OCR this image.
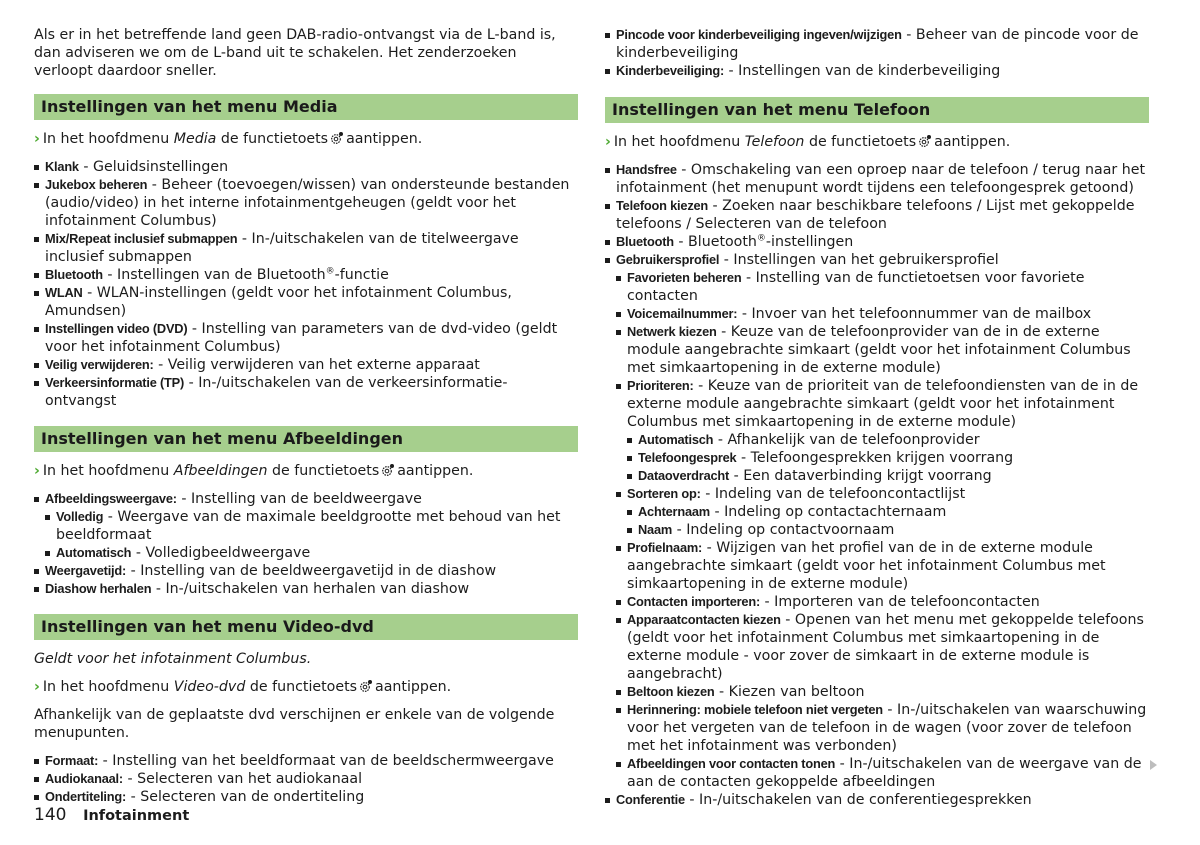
Als er in het betreffende land geen DAB-radio-ontvangst via de L-band is, dan adviseren we om de L-band uit te schakelen. Het zenderzoeken verloopt daardoor sneller.

Instellingen van het menu Media
› In het hoofdmenu Media de functietoets aantippen.
Klank - Geluidsinstellingen
Jukebox beheren - Beheer (toevoegen/wissen) van ondersteunde bestanden (audio/video) in het interne infotainmentgeheugen (geldt voor het infotainment Columbus)
Mix/Repeat inclusief submappen - In-/uitschakelen van de titelweergave inclusief submappen
Bluetooth - Instellingen van de Bluetooth®-functie
WLAN - WLAN-instellingen (geldt voor het infotainment Columbus, Amundsen)
Instellingen video (DVD) - Instelling van parameters van de dvd-video (geldt voor het infotainment Columbus)
Veilig verwijderen: - Veilig verwijderen van het externe apparaat
Verkeersinformatie (TP) - In-/uitschakelen van de verkeersinformatie-ontvangst
Instellingen van het menu Afbeeldingen
› In het hoofdmenu Afbeeldingen de functietoets aantippen.
Afbeeldingsweergave: - Instelling van de beeldweergave
Volledig - Weergave van de maximale beeldgrootte met behoud van het beeldformaat
Automatisch - Volledigbeeldweergave
Weergavetijd: - Instelling van de beeldweergavetijd in de diashow
Diashow herhalen - In-/uitschakelen van herhalen van diashow
Instellingen van het menu Video-dvd

Geldt voor het infotainment Columbus.

› In het hoofdmenu Video-dvd de functietoets aantippen.

Afhankelijk van de geplaatste dvd verschijnen er enkele van de volgende menupunten.

Formaat: - Instelling van het beeldformaat van de beeldschermweergave
Audiokanaal: - Selecteren van het audiokanaal
Ondertiteling: - Selecteren van de ondertiteling
Pincode voor kinderbeveiliging ingeven/wijzigen - Beheer van de pincode voor de kinderbeveiliging
Kinderbeveiliging: - Instellingen van de kinderbeveiliging
Instellingen van het menu Telefoon
› In het hoofdmenu Telefoon de functietoets aantippen.
Handsfree - Omschakeling van een oproep naar de telefoon / terug naar het infotainment (het menupunt wordt tijdens een telefoongesprek getoond)
Telefoon kiezen - Zoeken naar beschikbare telefoons / Lijst met gekoppelde telefoons / Selecteren van de telefoon
Bluetooth - Bluetooth®-instellingen
Gebruikersprofiel - Instellingen van het gebruikersprofiel
Favorieten beheren - Instelling van de functietoetsen voor favoriete contacten
Voicemailnummer: - Invoer van het telefoonnummer van de mailbox
Netwerk kiezen - Keuze van de telefoonprovider van de in de externe module aangebrachte simkaart (geldt voor het infotainment Columbus met simkaartopening in de externe module)
Prioriteren: - Keuze van de prioriteit van de telefoondiensten van de in de externe module aangebrachte simkaart (geldt voor het infotainment Columbus met simkaartopening in de externe module)
Automatisch - Afhankelijk van de telefoonprovider
Telefoongesprek - Telefoongesprekken krijgen voorrang
Dataoverdracht - Een dataverbinding krijgt voorrang
Sorteren op: - Indeling van de telefooncontactlijst
Achternaam - Indeling op contactachternaam
Naam - Indeling op contactvoornaam
Profielnaam: - Wijzigen van het profiel van de in de externe module aangebrachte simkaart (geldt voor het infotainment Columbus met simkaartopening in de externe module)
Contacten importeren: - Importeren van de telefooncontacten
Apparaatcontacten kiezen - Openen van het menu met gekoppelde telefoons (geldt voor het infotainment Columbus met simkaartopening in de externe module - voor zover de simkaart in de externe module is aangebracht)
Beltoon kiezen - Kiezen van beltoon
Herinnering: mobiele telefoon niet vergeten - In-/uitschakelen van waarschuwing voor het vergeten van de telefoon in de wagen (voor zover de telefoon met het infotainment was verbonden)
Afbeeldingen voor contacten tonen - In-/uitschakelen van de weergave van de aan de contacten gekoppelde afbeeldingen
Conferentie - In-/uitschakelen van de conferentiegesprekken
140 Infotainment
